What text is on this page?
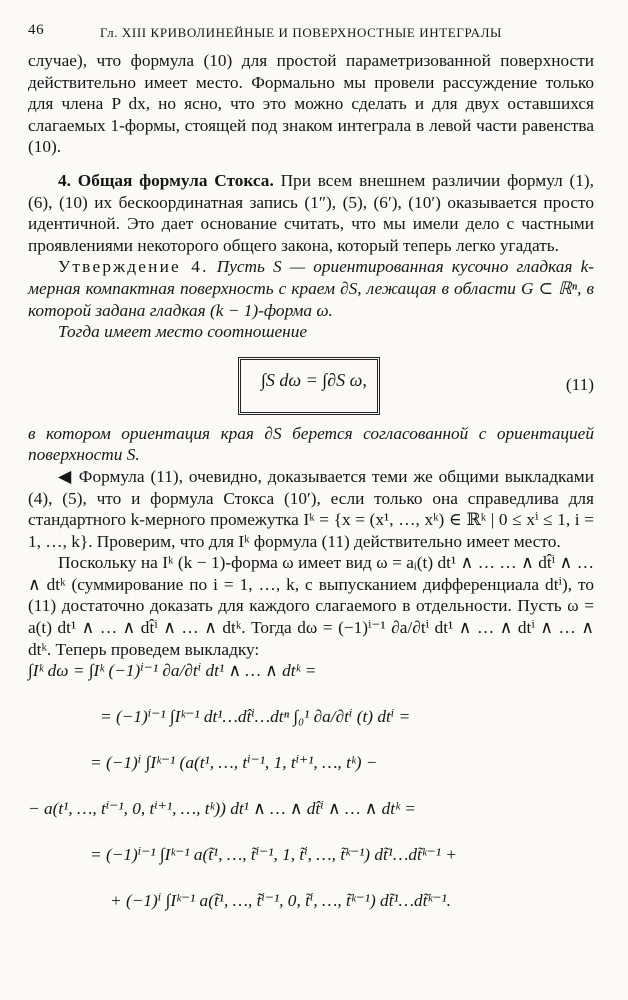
46	Гл. XIII КРИВОЛИНЕЙНЫЕ И ПОВЕРХНОСТНЫЕ ИНТЕГРАЛЫ

случае), что формула (10) для простой параметризованной поверхности действительно имеет место. Формально мы провели рассуждение только для члена P dx, но ясно, что это можно сделать и для двух оставшихся слагаемых 1-формы, стоящей под знаком интеграла в левой части равенства (10).

4. Общая формула Стокса. При всем внешнем различии формул (1), (6), (10) их бескоординатная запись (1″), (5), (6′), (10′) оказывается просто идентичной. Это дает основание считать, что мы имели дело с частными проявлениями некоторого общего закона, который теперь легко угадать.

Утверждение 4. Пусть S — ориентированная кусочно гладкая k-мерная компактная поверхность с краем ∂S, лежащая в области G ⊂ ℝⁿ, в которой задана гладкая (k − 1)-форма ω.

Тогда имеет место соотношение

∫S dω = ∫∂S ω,	(11)

в котором ориентация края ∂S берется согласованной с ориентацией поверхности S.

◀ Формула (11), очевидно, доказывается теми же общими выкладками (4), (5), что и формула Стокса (10′), если только она справедлива для стандартного k-мерного промежутка Iᵏ = {x = (x¹, …, xᵏ) ∈ ℝᵏ | 0 ≤ xⁱ ≤ 1, i = 1, …, k}. Проверим, что для Iᵏ формула (11) действительно имеет место.

Поскольку на Iᵏ (k − 1)-форма ω имеет вид ω = aᵢ(t) dt¹ ∧ … … ∧ dt̂ⁱ ∧ … ∧ dtᵏ (суммирование по i = 1, …, k, с выпусканием дифференциала dtⁱ), то (11) достаточно доказать для каждого слагаемого в отдельности. Пусть ω = a(t) dt¹ ∧ … ∧ dt̂ⁱ ∧ … ∧ dtᵏ. Тогда dω = (−1)ⁱ⁻¹ ∂a/∂tⁱ dt¹ ∧ … ∧ dtⁱ ∧ … ∧ dtᵏ. Теперь проведем выкладку:

∫Iᵏ dω = ∫Iᵏ (−1)ⁱ⁻¹ ∂a/∂tⁱ dt¹ ∧ … ∧ dtᵏ =
= (−1)ⁱ⁻¹ ∫Iᵏ⁻¹ dt¹…dt̂ⁱ…dtⁿ ∫₀¹ ∂a/∂tⁱ (t) dtⁱ =
= (−1)ⁱ ∫Iᵏ⁻¹ (a(t¹, …, tⁱ⁻¹, 1, tⁱ⁺¹, …, tᵏ) −
− a(t¹, …, tⁱ⁻¹, 0, tⁱ⁺¹, …, tᵏ)) dt¹ ∧ … ∧ dt̂ⁱ ∧ … ∧ dtᵏ =
= (−1)ⁱ⁻¹ ∫Iᵏ⁻¹ a(t̃¹, …, t̃ⁱ⁻¹, 1, t̃ⁱ, …, t̃ᵏ⁻¹) dt̃¹…dt̃ᵏ⁻¹ +
+ (−1)ⁱ ∫Iᵏ⁻¹ a(t̃¹, …, t̃ⁱ⁻¹, 0, t̃ⁱ, …, t̃ᵏ⁻¹) dt̃¹…dt̃ᵏ⁻¹.
